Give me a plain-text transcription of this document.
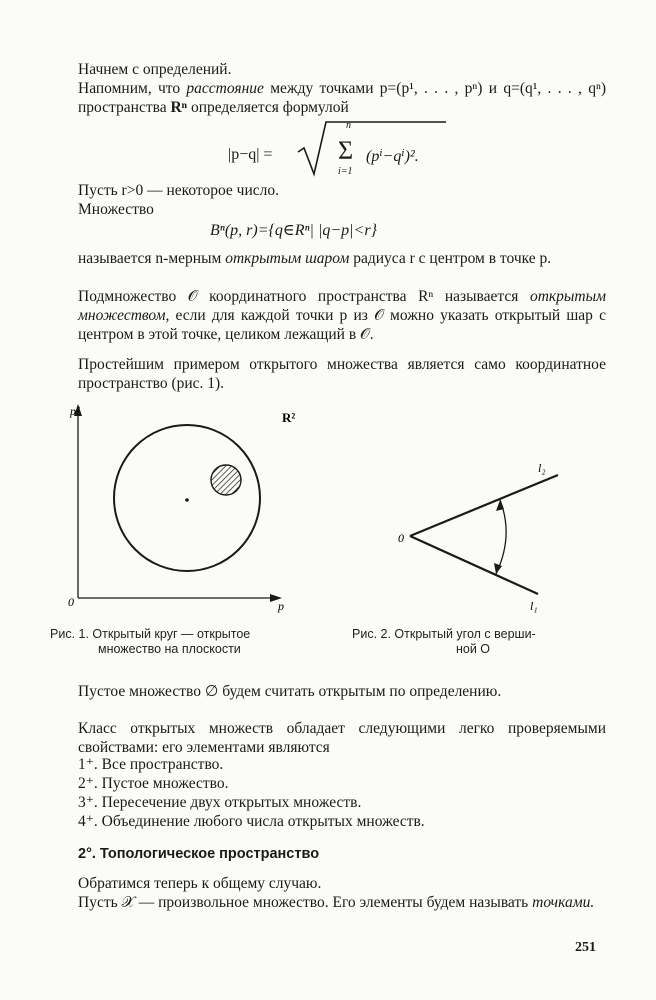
Начнем с определений.

Напомним, что расстояние между точками p=(p¹, . . . , pⁿ) и q=(q¹, . . . , qⁿ) пространства Rⁿ определяется формулой

|p−q| =
n
Σ
i=1
(pⁱ−qⁱ)².

Пусть r>0 — некоторое число.

Множество

Bⁿ(p, r)={q∈Rⁿ| |q−p|<r}

называется n-мерным открытым шаром радиуса r с центром в точке p.

Подмножество 𝒪 координатного пространства Rⁿ называется открытым множеством, если для каждой точки p из 𝒪 можно указать открытый шар с центром в этой точке, целиком лежащий в 𝒪.

Простейшим примером открытого множества является само координатное пространство (рис. 1).

p²
p
0
R²
0
l₂
l₁
Рис. 1. Открытый круг — открытое
множество на плоскости
Рис. 2. Открытый угол с верши-
ной O

Пустое множество ∅ будем считать открытым по определению.

Класс открытых множеств обладает следующими легко проверяемыми свойствами: его элементами являются

1⁺. Все пространство.
2⁺. Пустое множество.
3⁺. Пересечение двух открытых множеств.
4⁺. Объединение любого числа открытых множеств.
2°. Топологическое пространство

Обратимся теперь к общему случаю.

Пусть 𝒳 — произвольное множество. Его элементы будем называть точками.

251
